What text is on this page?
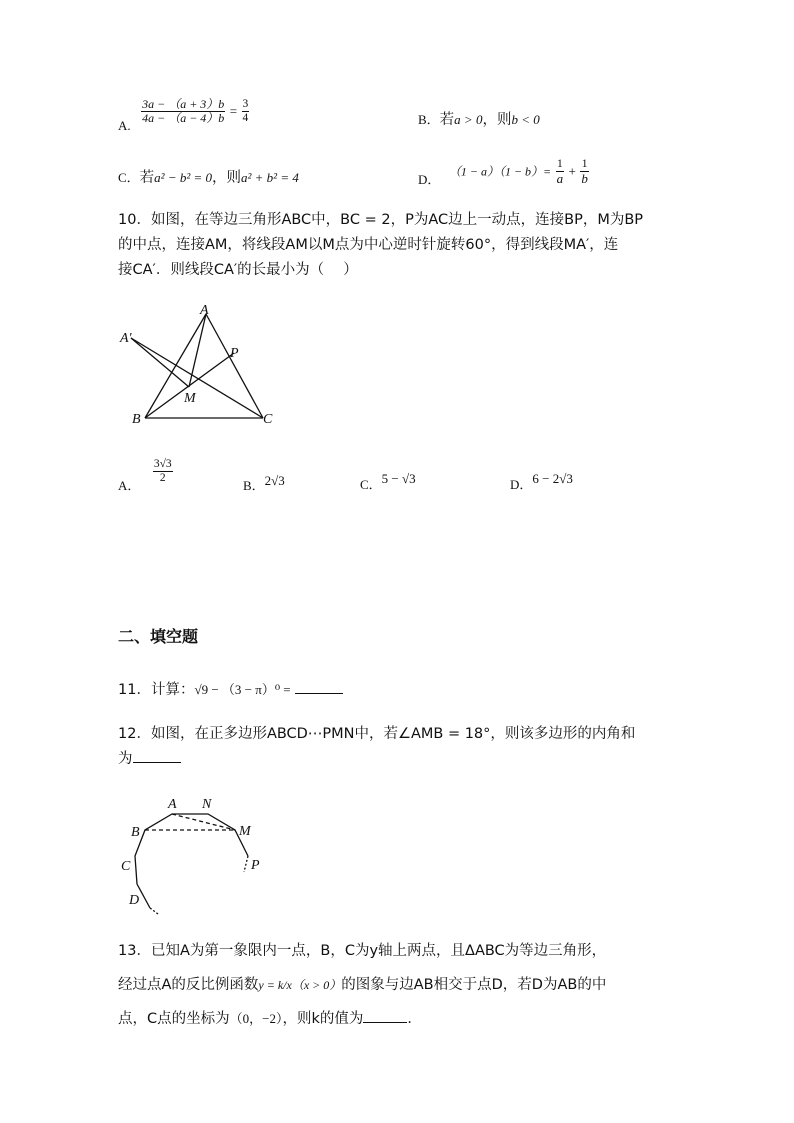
A. $\frac{3a - (a + 3)b}{4a - (a - 4)b} = \frac{3}{4}$	B．若a > 0，则b < 0
C．若a² − b² = 0，则a² + b² = 4	D． $(1 - a)(1 - b)= \frac{1}{a} + \frac{1}{b}$
10．如图，在等边三角形ABC中，BC = 2，P为AC边上一动点，连接BP，M为BP
的中点，连接AM，将线段AM以M点为中心逆时针旋转60°，得到线段MA′，连
接CA′．则线段CA′的长最小为（　 ）
A
A′
P
M
B	C
A． $\frac{3√3}{2}$
B．2√3	C．5 − √3	D．6 − 2√3
二、填空题
11．计算：√9 − （3 − π）⁰ =
12．如图，在正多边形ABCD⋯PMN中，若∠AMB = 18°，则该多边形的内角和
为
A N
B	M
C	P
D
13．已知A为第一象限内一点，B，C为y轴上两点，且ΔABC为等边三角形，
经过点A的反比例函数y = k/x（x > 0）的图象与边AB相交于点D，若D为AB的中
点，C点的坐标为（0，−2），则k的值为	．
